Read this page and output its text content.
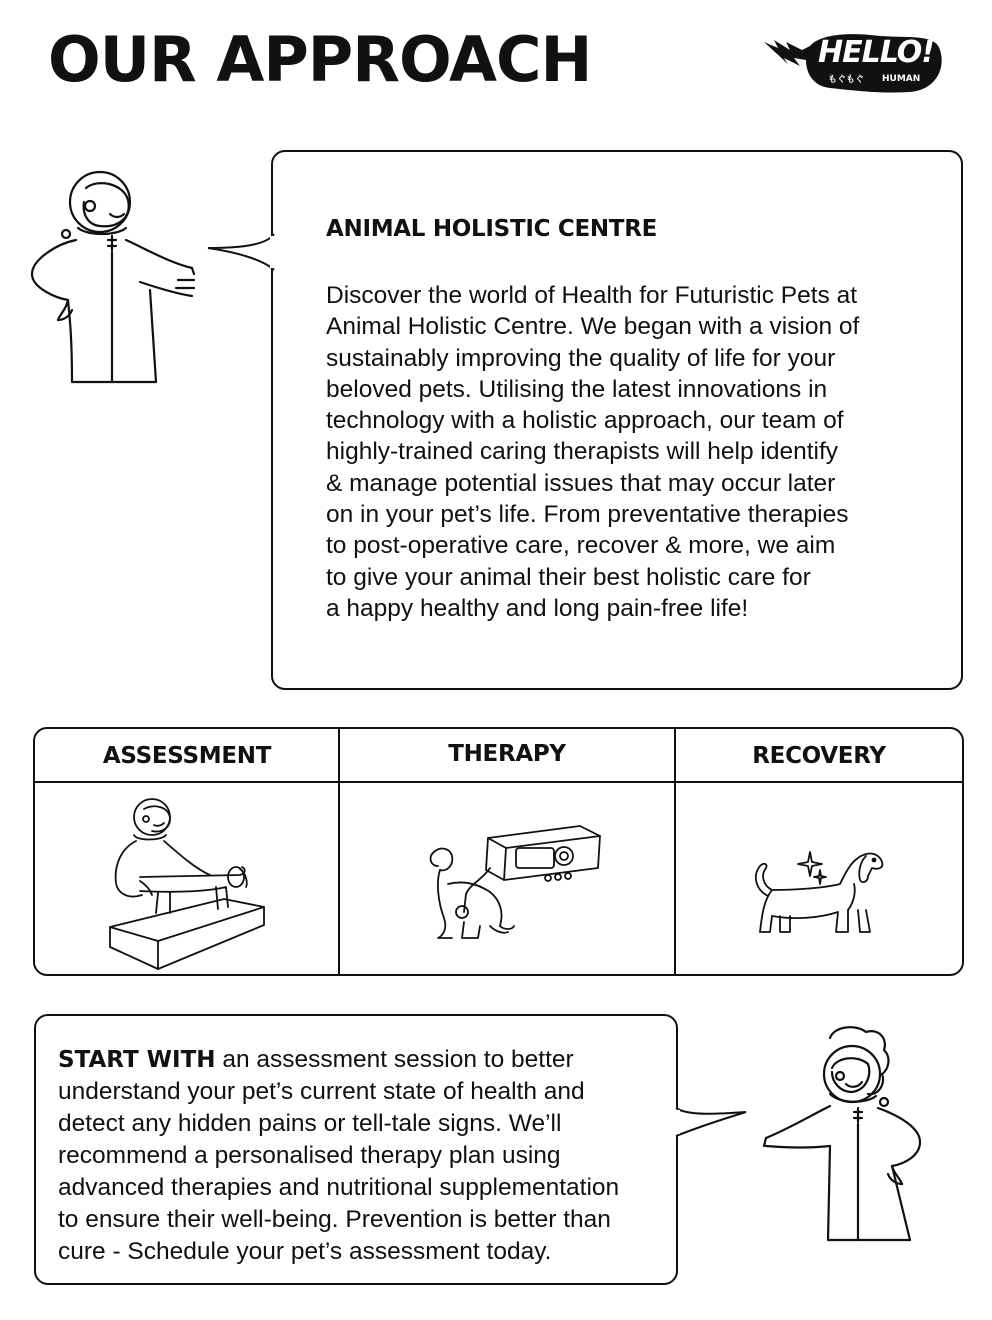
OUR APPROACH	HELLO!
もぐもぐ HUMAN
ANIMAL HOLISTIC CENTRE
Discover the world of Health for Futuristic Pets at
Animal Holistic Centre. We began with a vision of
sustainably improving the quality of life for your
beloved pets. Utilising the latest innovations in
technology with a holistic approach, our team of
highly-trained caring therapists will help identify
& manage potential issues that may occur later
on in your pet’s life. From preventative therapies
to post-operative care, recover & more, we aim
to give your animal their best holistic care for
a happy healthy and long pain-free life!
ASSESSMENT	THERAPY	RECOVERY

START WITH an assessment session to better
understand your pet’s current state of health and
detect any hidden pains or tell-tale signs. We’ll
recommend a personalised therapy plan using
advanced therapies and nutritional supplementation
to ensure their well-being. Prevention is better than
cure - Schedule your pet’s assessment today.
